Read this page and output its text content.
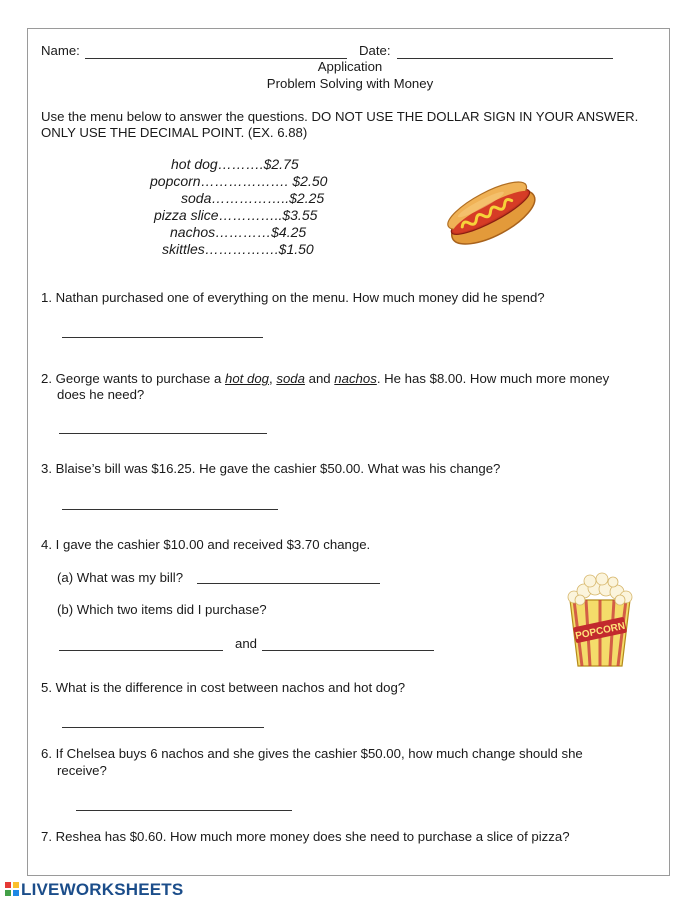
Name:	Date:
Application
Problem Solving with Money
Use the menu below to answer the questions. DO NOT USE THE DOLLAR SIGN IN YOUR ANSWER.
ONLY USE THE DECIMAL POINT. (EX. 6.88)
hot dog……….$2.75
popcorn………………. $2.50
soda……………..$2.25
pizza slice…………..$3.55
nachos…………$4.25
skittles…………….$1.50
1. Nathan purchased one of everything on the menu. How much money did he spend?
2. George wants to purchase a hot dog, soda and nachos. He has $8.00. How much more money
does he need?
3. Blaise’s bill was $16.25. He gave the cashier $50.00. What was his change?
4. I gave the cashier $10.00 and received $3.70 change.
(a) What was my bill?
(b) Which two items did I purchase?
and
POPCORN
5. What is the difference in cost between nachos and hot dog?
6. If Chelsea buys 6 nachos and she gives the cashier $50.00, how much change should she
receive?
7. Reshea has $0.60. How much more money does she need to purchase a slice of pizza?
LIVEWORKSHEETS
